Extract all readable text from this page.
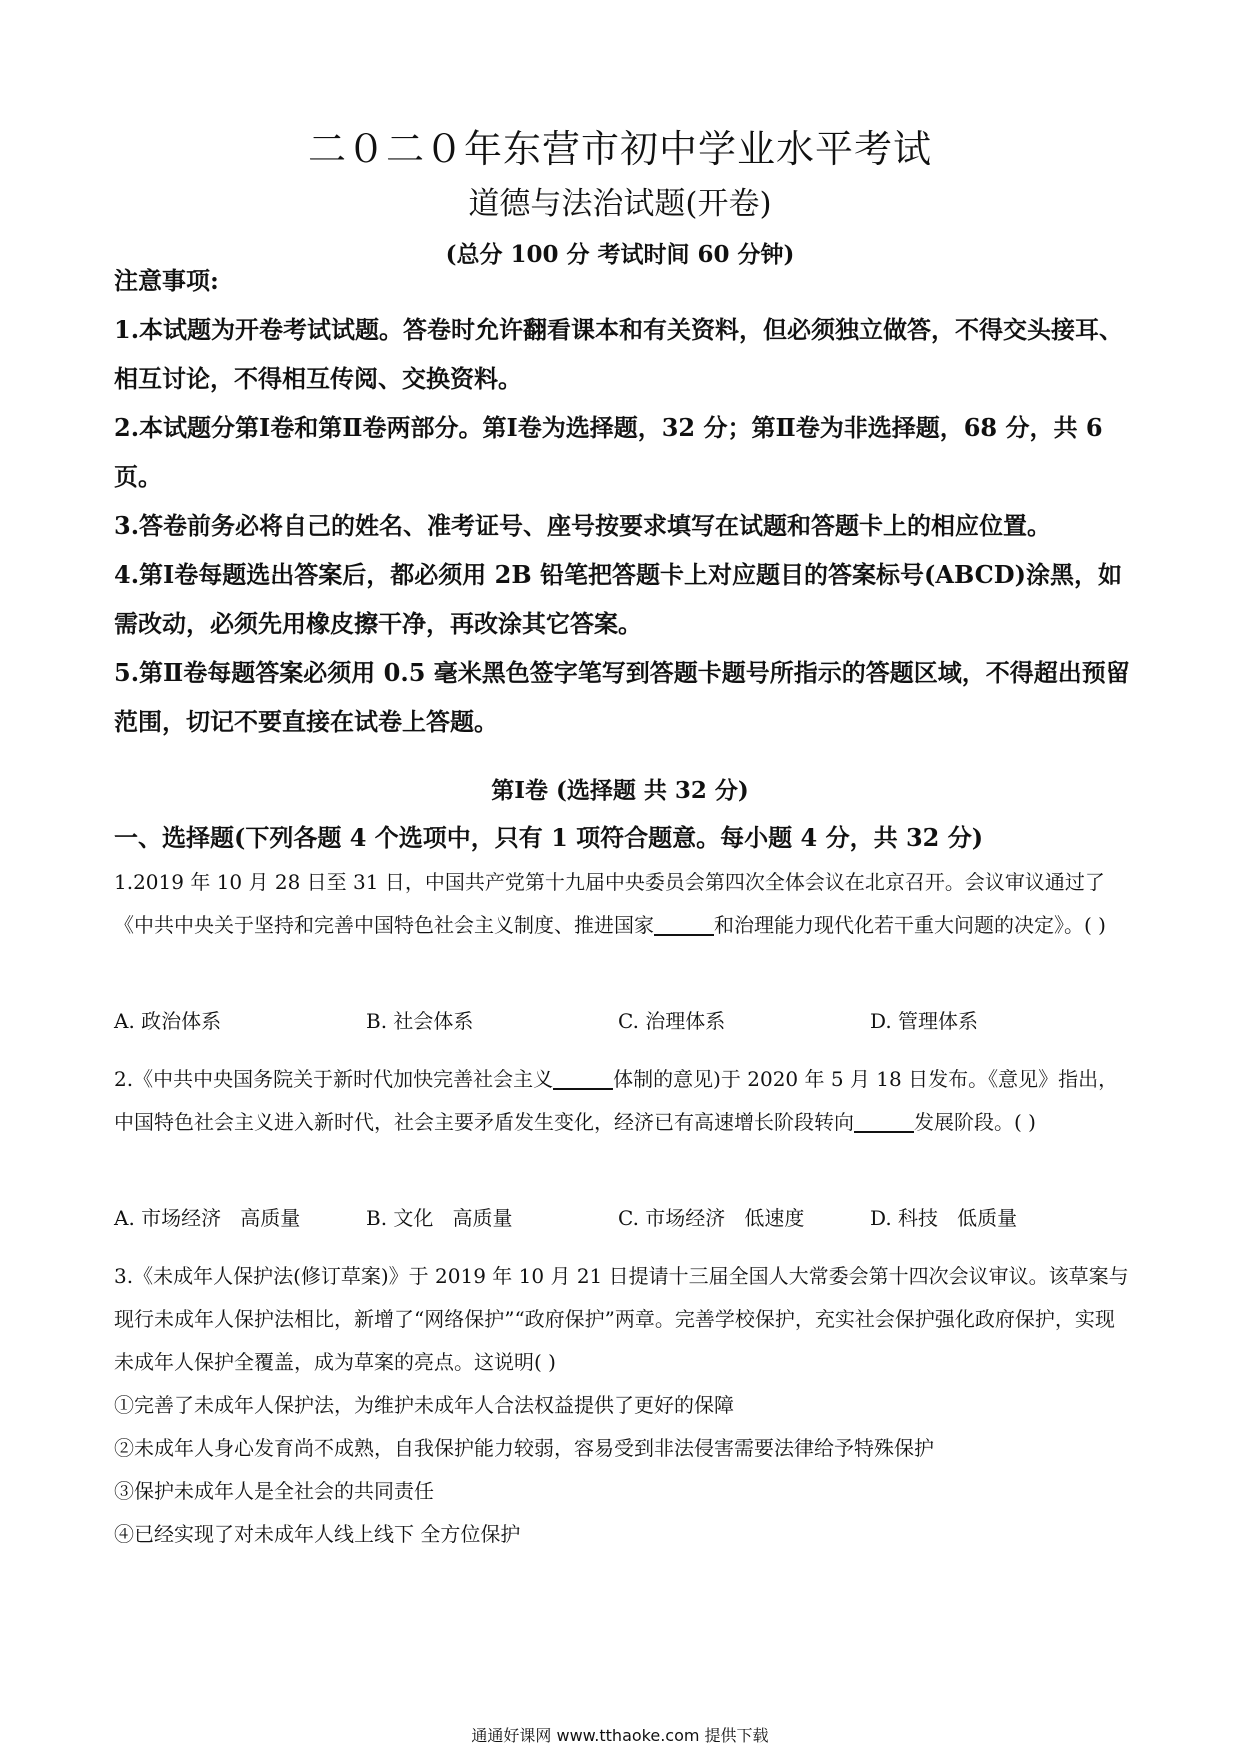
二０二０年东营市初中学业水平考试
道德与法治试题(开卷)
(总分 100 分 考试时间 60 分钟)

注意事项:

1.本试题为开卷考试试题。答卷时允许翻看课本和有关资料，但必须独立做答，不得交头接耳、相互讨论，不得相互传阅、交换资料。

2.本试题分第Ⅰ卷和第Ⅱ卷两部分。第Ⅰ卷为选择题，32 分；第Ⅱ卷为非选择题，68 分，共 6 页。

3.答卷前务必将自己的姓名、准考证号、座号按要求填写在试题和答题卡上的相应位置。

4.第Ⅰ卷每题选出答案后，都必须用 2B 铅笔把答题卡上对应题目的答案标号(ABCD)涂黑，如需改动，必须先用橡皮擦干净，再改涂其它答案。

5.第Ⅱ卷每题答案必须用 0.5 毫米黑色签字笔写到答题卡题号所指示的答题区域，不得超出预留范围，切记不要直接在试卷上答题。

第Ⅰ卷 (选择题 共 32 分)
一、选择题(下列各题 4 个选项中，只有 1 项符合题意。每小题 4 分，共 32 分)

1.2019 年 10 月 28 日至 31 日，中国共产党第十九届中央委员会第四次全体会议在北京召开。会议审议通过了《中共中央关于坚持和完善中国特色社会主义制度、推进国家	和治理能力现代化若干重大问题的决定》。( )

A. 政治体系	B. 社会体系	C. 治理体系	D. 管理体系

2.《中共中央国务院关于新时代加快完善社会主义	体制的意见)于 2020 年 5 月 18 日发布。《意见》指出，中国特色社会主义进入新时代，社会主要矛盾发生变化，经济已有高速增长阶段转向	发展阶段。( )

A. 市场经济   高质量	B. 文化   高质量	C. 市场经济   低速度	D. 科技   低质量

3.《未成年人保护法(修订草案)》于 2019 年 10 月 21 日提请十三届全国人大常委会第十四次会议审议。该草案与现行未成年人保护法相比，新增了“网络保护”“政府保护”两章。完善学校保护，充实社会保护强化政府保护，实现未成年人保护全覆盖，成为草案的亮点。这说明( )

①完善了未成年人保护法，为维护未成年人合法权益提供了更好的保障

②未成年人身心发育尚不成熟，自我保护能力较弱，容易受到非法侵害需要法律给予特殊保护

③保护未成年人是全社会的共同责任

④已经实现了对未成年人线上线下 全方位保护

通通好课网 www.tthaoke.com 提供下载
